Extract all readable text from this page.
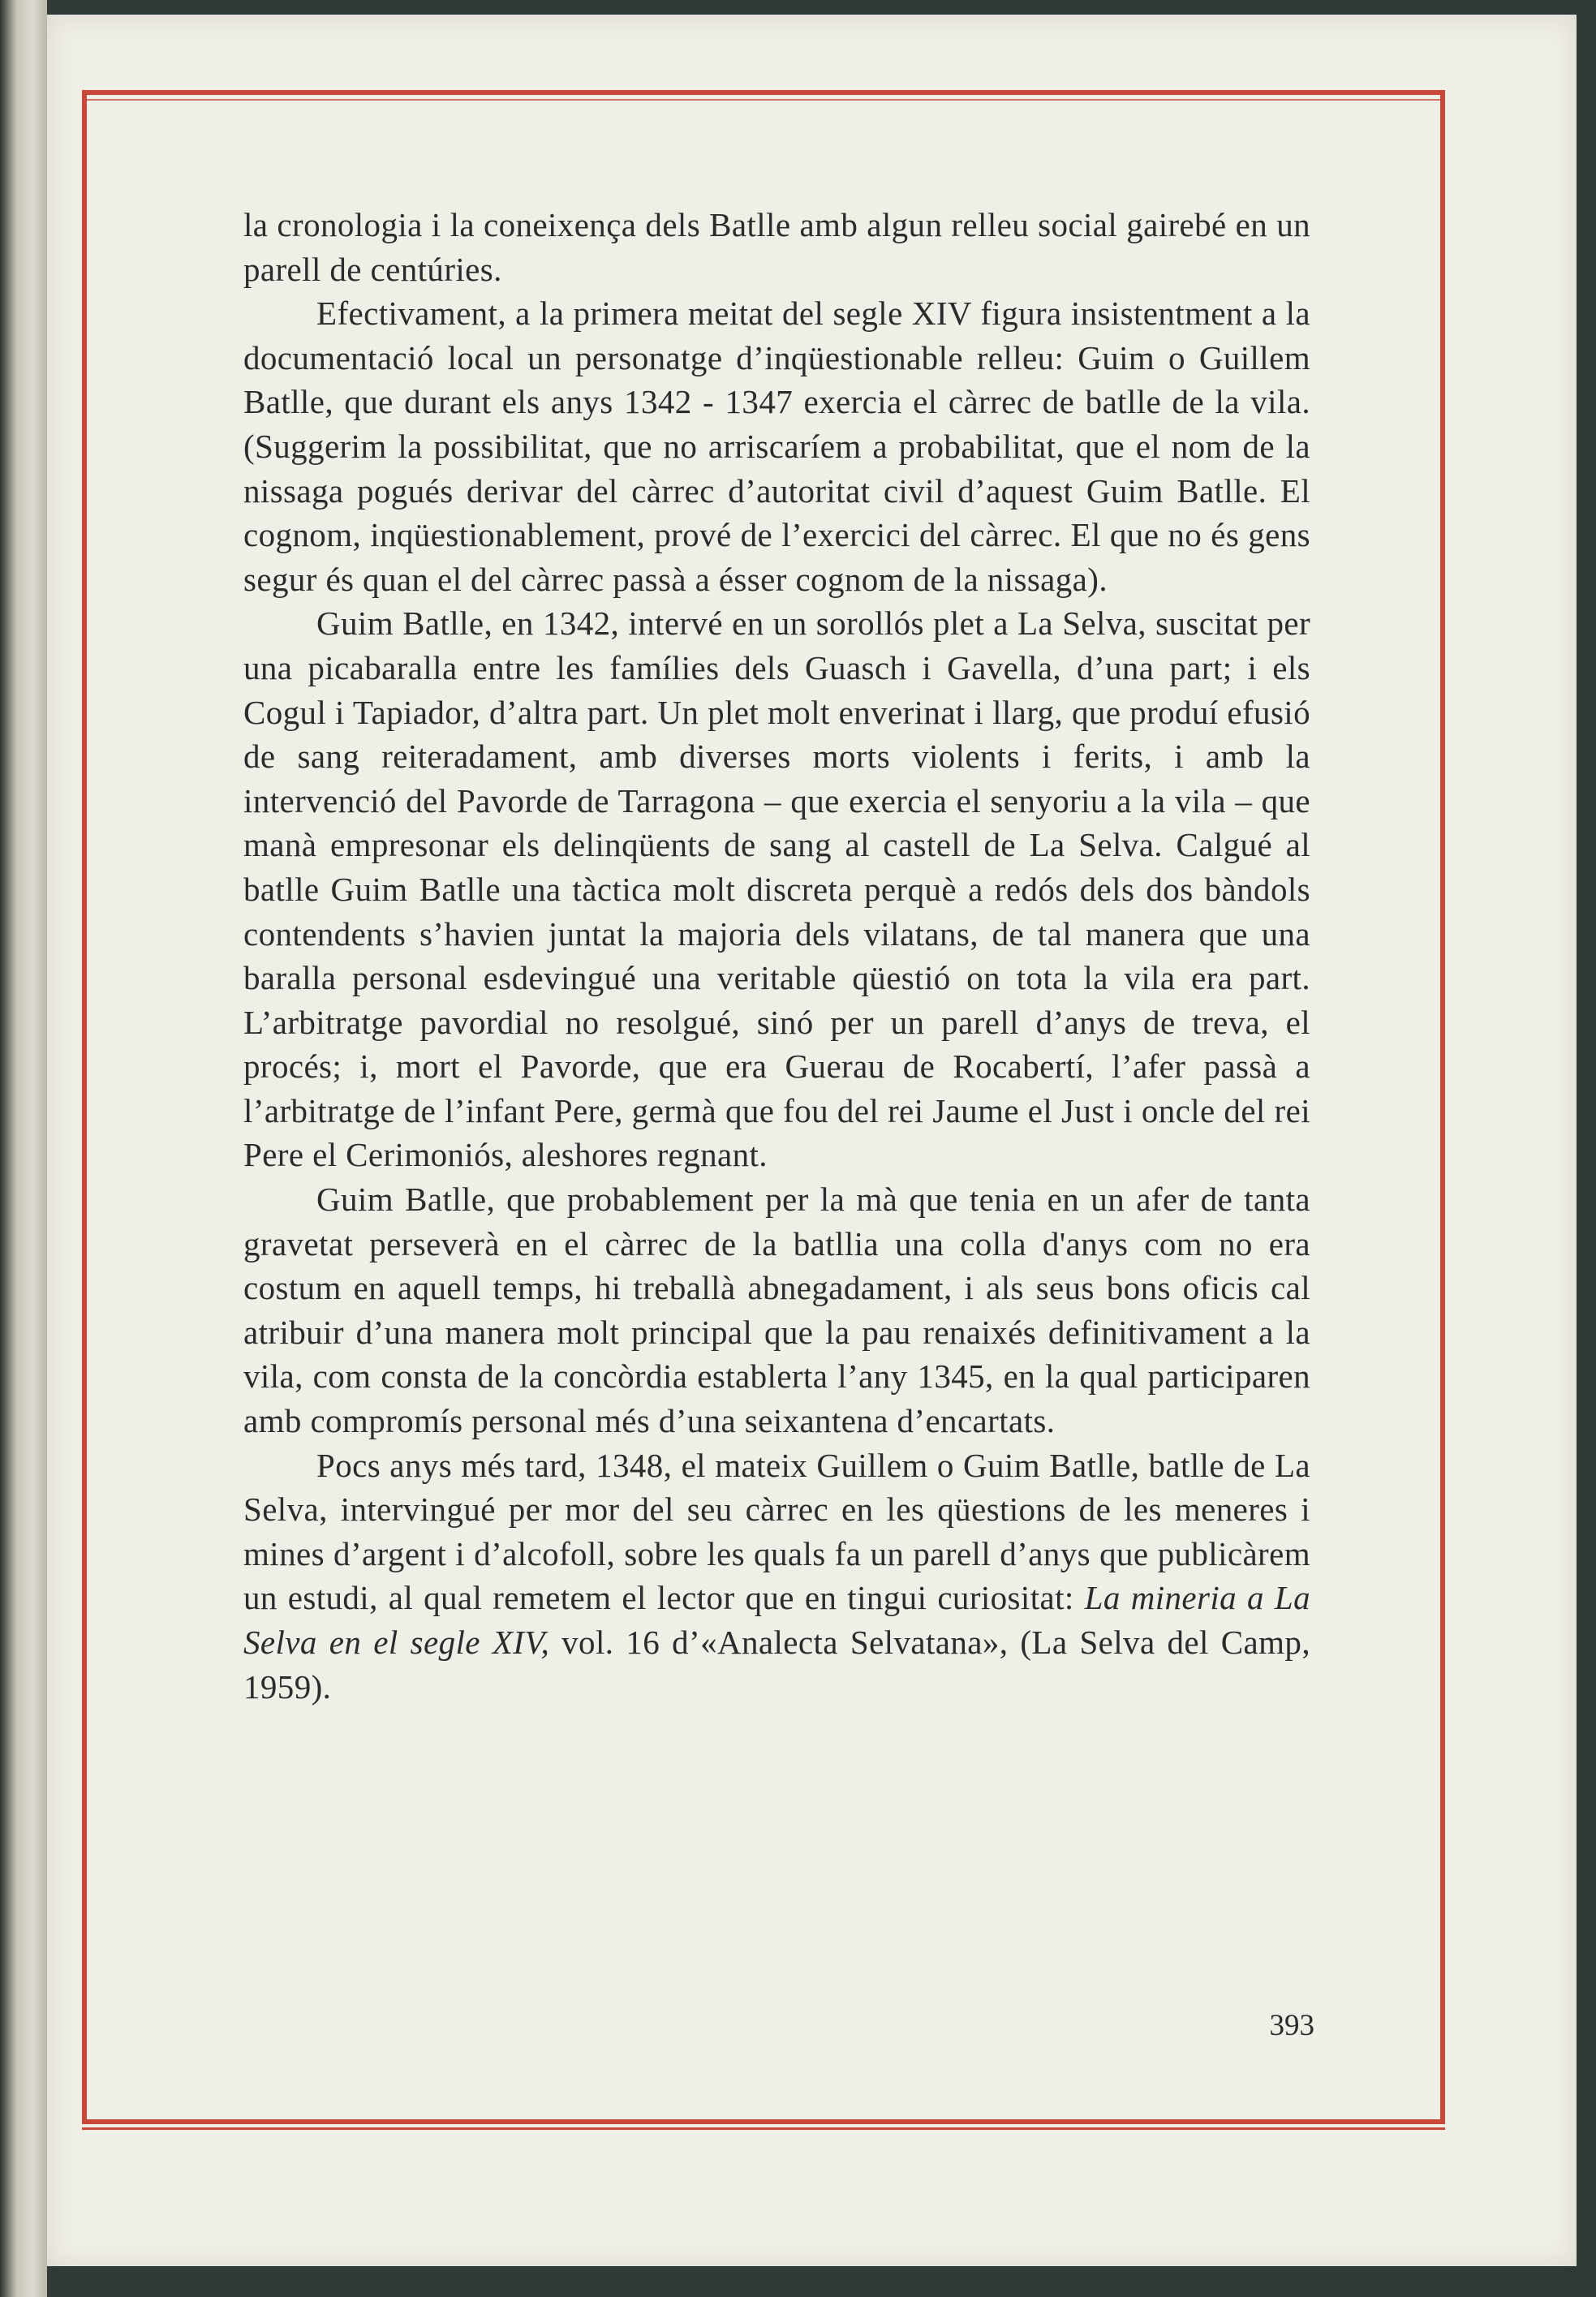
la cronologia i la coneixença dels Batlle amb algun relleu social gairebé en un parell de centúries.

Efectivament, a la primera meitat del segle XIV figura insistentment a la documentació local un personatge d’inqüestionable relleu: Guim o Guillem Batlle, que durant els anys 1342 - 1347 exercia el càrrec de batlle de la vila. (Suggerim la possibilitat, que no arriscaríem a probabilitat, que el nom de la nissaga pogués derivar del càrrec d’autoritat civil d’aquest Guim Batlle. El cognom, inqüestionablement, prové de l’exercici del càrrec. El que no és gens segur és quan el del càrrec passà a ésser cognom de la nissaga).

Guim Batlle, en 1342, intervé en un sorollós plet a La Selva, suscitat per una picabaralla entre les famílies dels Guasch i Gavella, d’una part; i els Cogul i Tapiador, d’altra part. Un plet molt enverinat i llarg, que produí efusió de sang reiteradament, amb diverses morts violents i ferits, i amb la intervenció del Pavorde de Tarragona – que exercia el senyoriu a la vila – que manà empresonar els delinqüents de sang al castell de La Selva. Calgué al batlle Guim Batlle una tàctica molt discreta perquè a redós dels dos bàndols contendents s’havien juntat la majoria dels vilatans, de tal manera que una baralla personal esdevingué una veritable qüestió on tota la vila era part. L’arbitratge pavordial no resolgué, sinó per un parell d’anys de treva, el procés; i, mort el Pavorde, que era Guerau de Rocabertí, l’afer passà a l’arbitratge de l’infant Pere, germà que fou del rei Jaume el Just i oncle del rei Pere el Cerimoniós, aleshores regnant.

Guim Batlle, que probablement per la mà que tenia en un afer de tanta gravetat perseverà en el càrrec de la batllia una colla d'anys com no era costum en aquell temps, hi treballà abnegadament, i als seus bons oficis cal atribuir d’una manera molt principal que la pau renaixés definitivament a la vila, com consta de la concòrdia establerta l’any 1345, en la qual participaren amb compromís personal més d’una seixantena d’encartats.

Pocs anys més tard, 1348, el mateix Guillem o Guim Batlle, batlle de La Selva, intervingué per mor del seu càrrec en les qüestions de les meneres i mines d’argent i d’alcofoll, sobre les quals fa un parell d’anys que publicàrem un estudi, al qual remetem el lector que en tingui curiositat: La mineria a La Selva en el segle XIV, vol. 16 d’«Analecta Selvatana», (La Selva del Camp, 1959).

393
